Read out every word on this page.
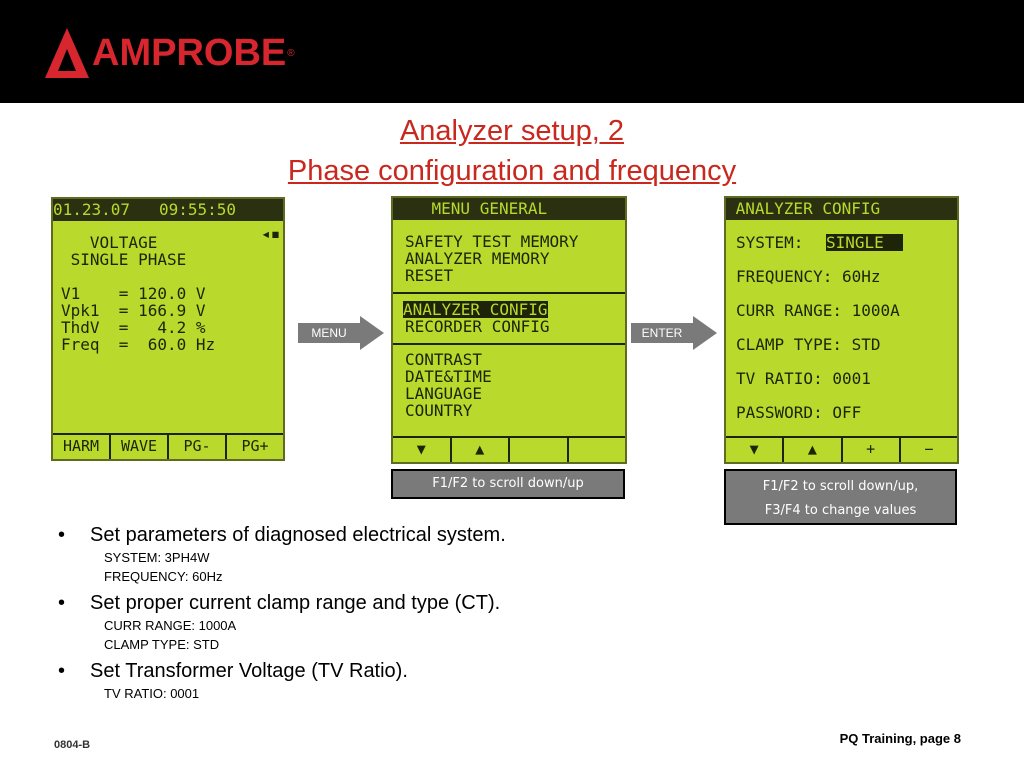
AMPROBE ®
Analyzer setup, 2
Phase configuration and frequency
01.23.07   09:55:50
VOLTAGE
SINGLE PHASE
V1    = 120.0 V
Vpk1  = 166.9 V
ThdV  =   4.2 %
Freq  =  60.0 Hz
◂▪
HARM	WAVE	PG-	PG+
MENU
MENU GENERAL
SAFETY TEST MEMORY
ANALYZER MEMORY
RESET
ANALYZER CONFIG
RECORDER CONFIG
CONTRAST
DATE&TIME
LANGUAGE
COUNTRY
▼	▲
ENTER
ANALYZER CONFIG
SYSTEM: SINGLE
FREQUENCY: 60Hz
CURR RANGE: 1000A
CLAMP TYPE: STD
TV RATIO: 0001
PASSWORD: OFF
▼	▲	+	−
F1/F2 to scroll down/up	F1/F2 to scroll down/up,
F3/F4 to change values
• Set parameters of diagnosed electrical system.
SYSTEM: 3PH4W
FREQUENCY: 60Hz
• Set proper current clamp range and type (CT).
CURR RANGE: 1000A
CLAMP TYPE: STD
• Set Transformer Voltage (TV Ratio).
TV RATIO: 0001
0804-B	PQ Training, page 8
